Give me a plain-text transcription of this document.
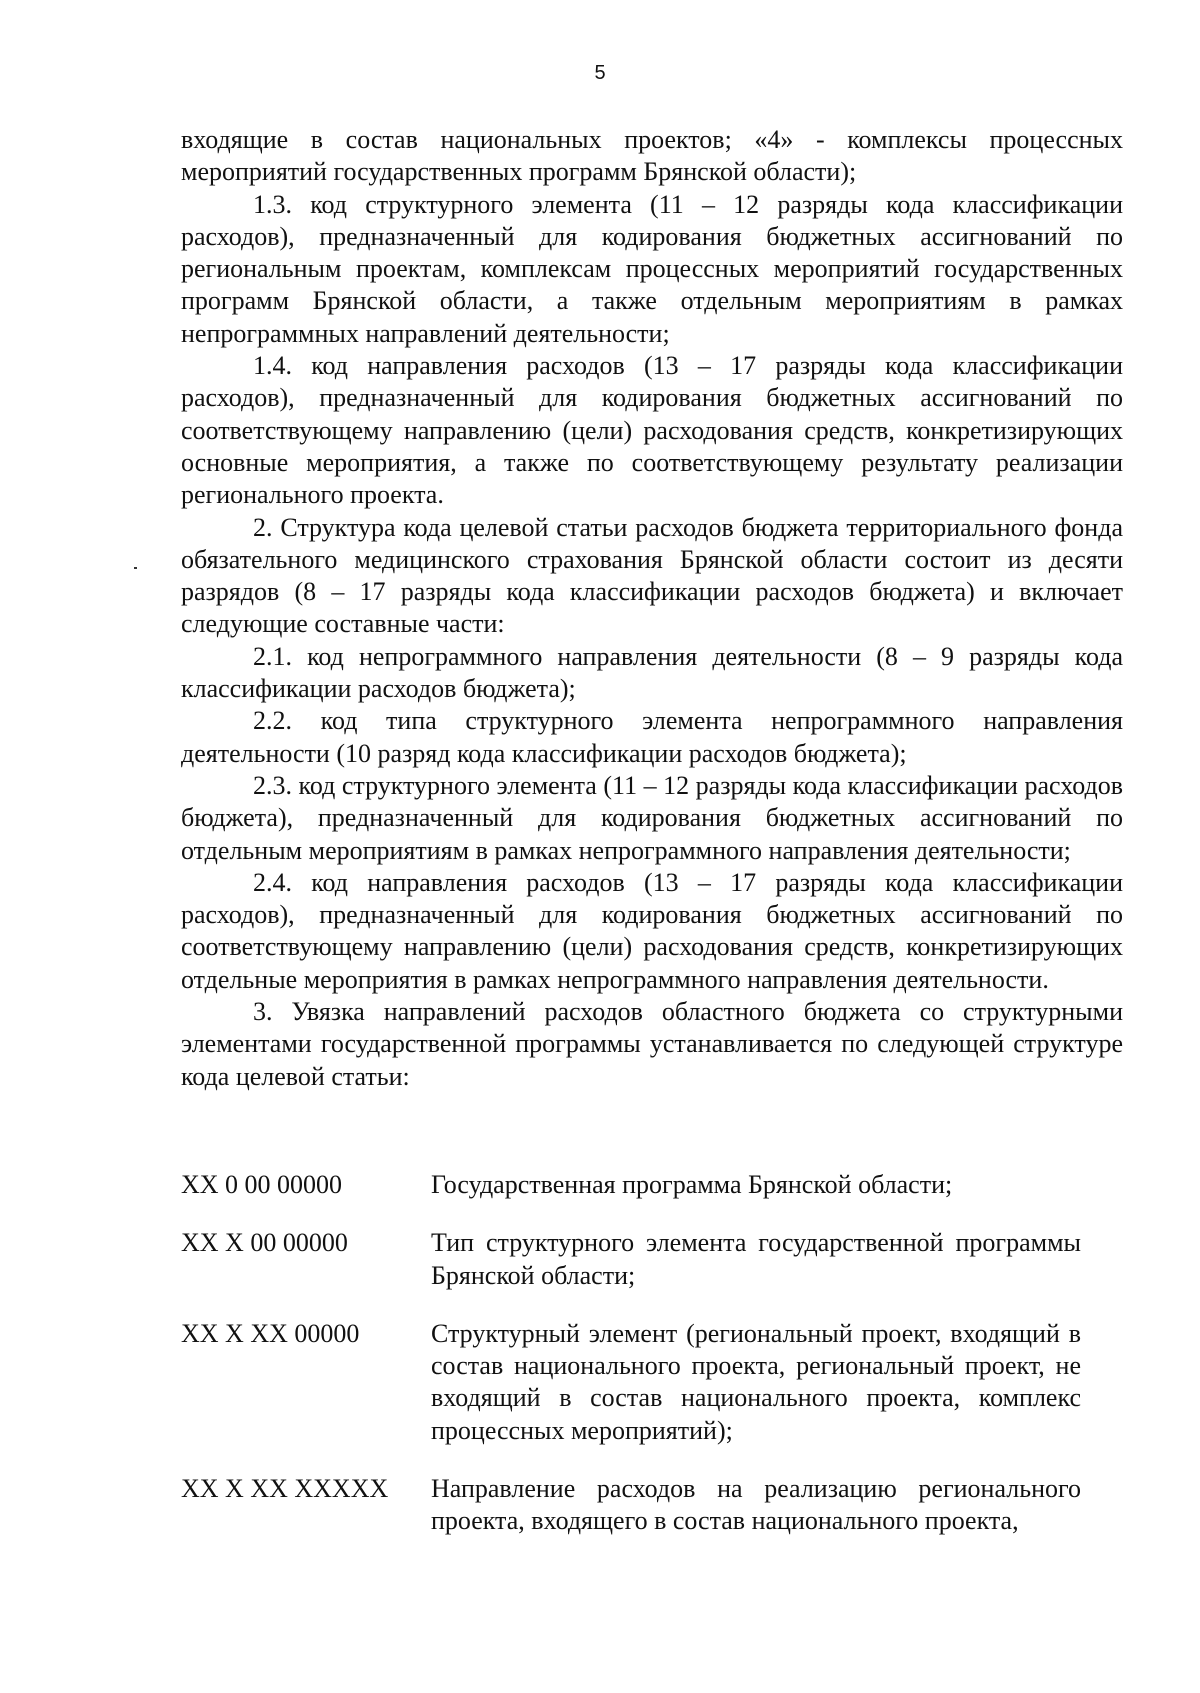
5

входящие в состав национальных проектов; «4» - комплексы процессных мероприятий государственных программ Брянской области);

1.3. код структурного элемента (11 – 12 разряды кода классификации расходов), предназначенный для кодирования бюджетных ассигнований по региональным проектам, комплексам процессных мероприятий государственных программ Брянской области, а также отдельным мероприятиям в рамках непрограммных направлений деятельности;

1.4. код направления расходов (13 – 17 разряды кода классификации расходов), предназначенный для кодирования бюджетных ассигнований по соответствующему направлению (цели) расходования средств, конкретизирующих основные мероприятия, а также по соответствующему результату реализации регионального проекта.

2. Структура кода целевой статьи расходов бюджета территориального фонда обязательного медицинского страхования Брянской области состоит из десяти разрядов (8 – 17 разряды кода классификации расходов бюджета) и включает следующие составные части:

2.1. код непрограммного направления деятельности (8 – 9 разряды кода классификации расходов бюджета);

2.2. код типа структурного элемента непрограммного направления деятельности (10 разряд кода классификации расходов бюджета);

2.3. код структурного элемента (11 – 12 разряды кода классификации расходов бюджета), предназначенный для кодирования бюджетных ассигнований по отдельным мероприятиям в рамках непрограммного направления деятельности;

2.4. код направления расходов (13 – 17 разряды кода классификации расходов), предназначенный для кодирования бюджетных ассигнований по соответствующему направлению (цели) расходования средств, конкретизирующих отдельные мероприятия в рамках непрограммного направления деятельности.

3. Увязка направлений расходов областного бюджета со структурными элементами государственной программы устанавливается по следующей структуре кода целевой статьи:

XX 0 00 00000	Государственная программа Брянской области;
XX X 00 00000	Тип структурного элемента государственной программы Брянской области;
XX X XX 00000	Структурный элемент (региональный проект, входящий в состав национального проекта, региональный проект, не входящий в состав национального проекта, комплекс процессных мероприятий);
XX X XX XXXXX	Направление расходов на реализацию регионального проекта, входящего в состав национального проекта,
